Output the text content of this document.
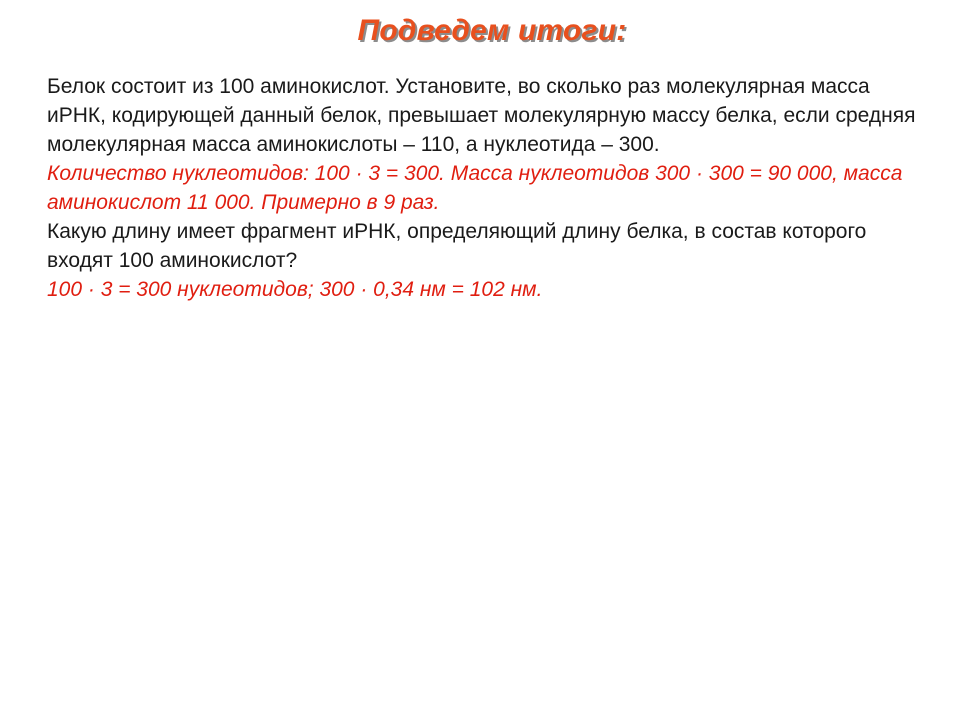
Подведем итоги:

Белок состоит из 100 аминокислот. Установите, во сколько раз молекулярная масса иРНК, кодирующей данный белок, превышает молекулярную массу белка, если средняя молекулярная масса аминокислоты – 110, а нуклеотида – 300.

Количество нуклеотидов: 100 · 3 = 300. Масса нуклеотидов 300 · 300 = 90 000, масса аминокислот 11 000. Примерно в 9 раз.

Какую длину имеет фрагмент иРНК, определяющий длину белка, в состав которого входят 100 аминокислот?

100 · 3 = 300 нуклеотидов; 300 · 0,34 нм = 102 нм.
